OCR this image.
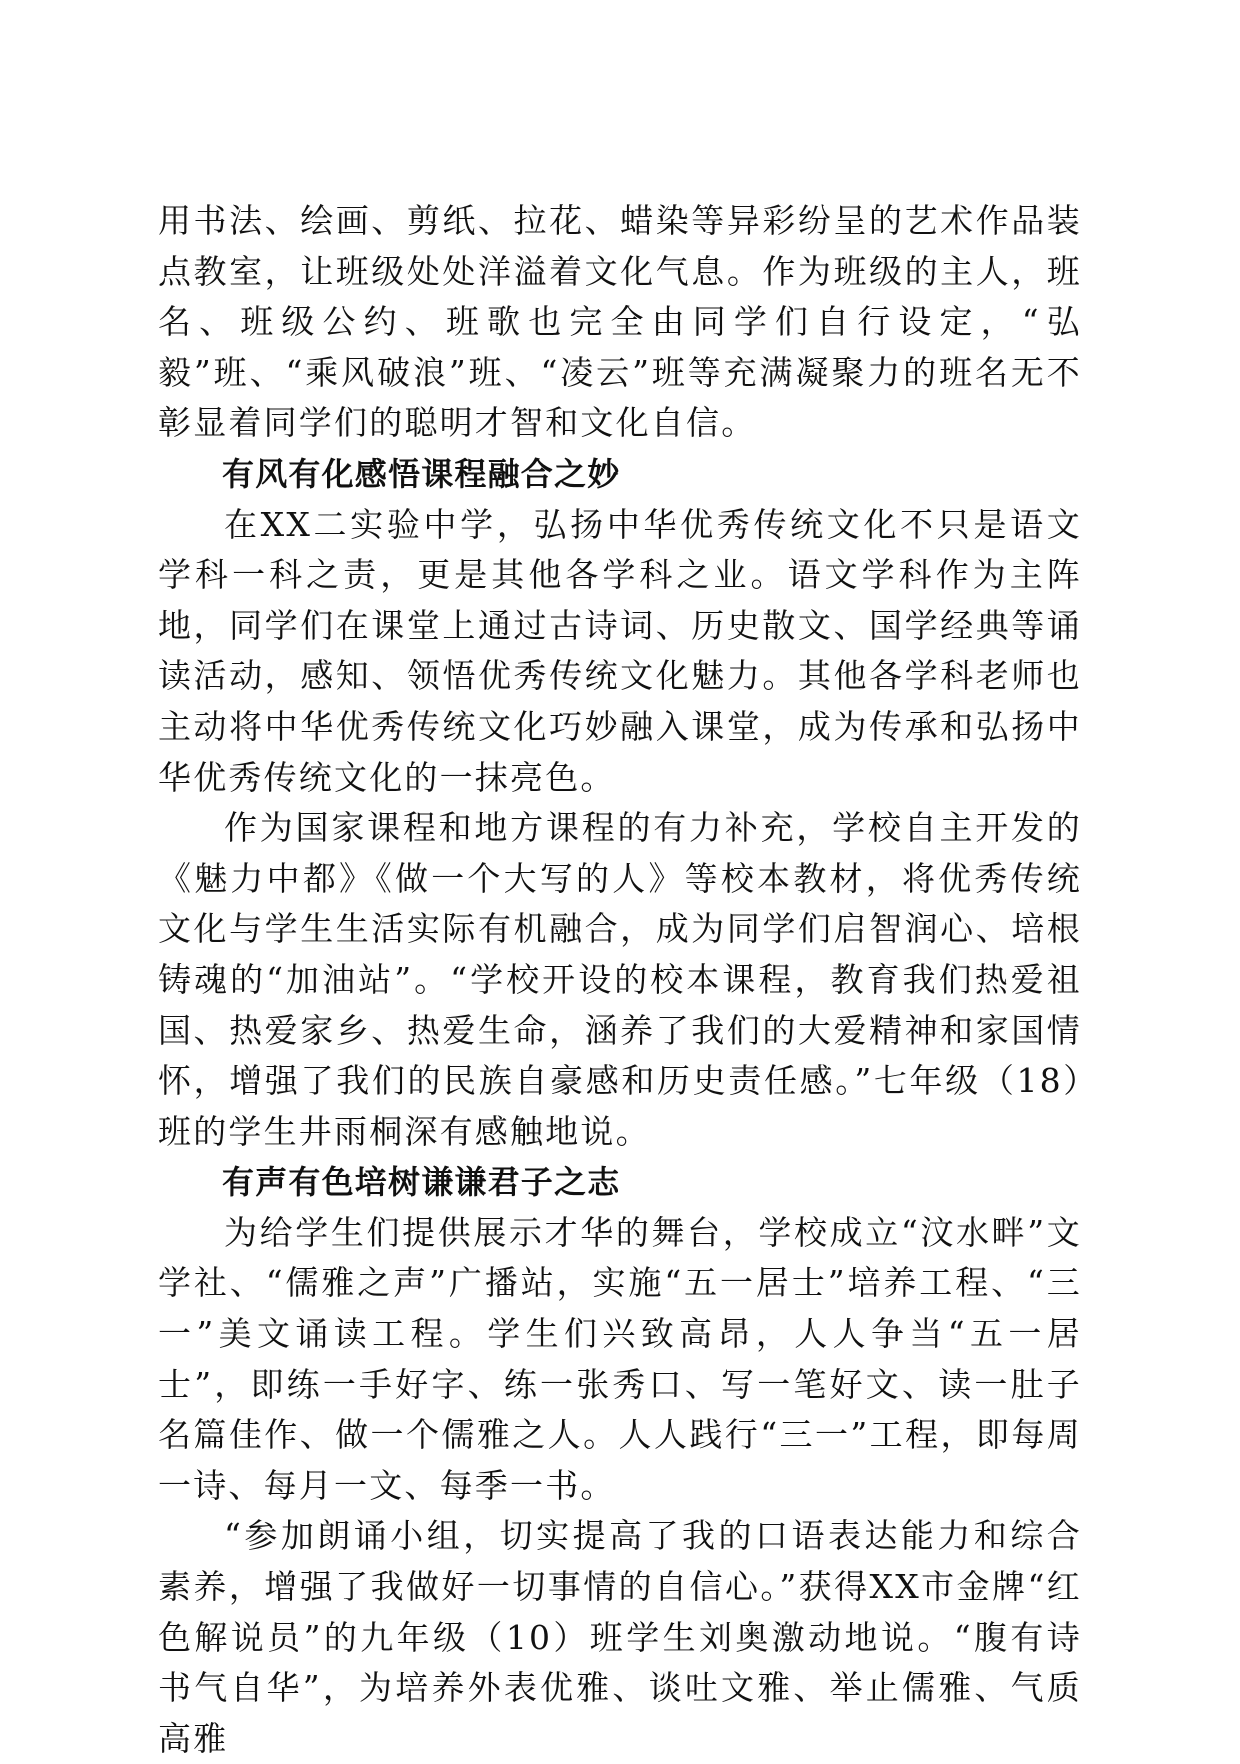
用书法、绘画、剪纸、拉花、蜡染等异彩纷呈的艺术作品装点教室，让班级处处洋溢着文化气息。作为班级的主人，班名、班级公约、班歌也完全由同学们自行设定，“弘毅”班、“乘风破浪”班、“凌云”班等充满凝聚力的班名无不彰显着同学们的聪明才智和文化自信。

有风有化感悟课程融合之妙

在XX二实验中学，弘扬中华优秀传统文化不只是语文学科一科之责，更是其他各学科之业。语文学科作为主阵地，同学们在课堂上通过古诗词、历史散文、国学经典等诵读活动，感知、领悟优秀传统文化魅力。其他各学科老师也主动将中华优秀传统文化巧妙融入课堂，成为传承和弘扬中华优秀传统文化的一抹亮色。

作为国家课程和地方课程的有力补充，学校自主开发的《魅力中都》《做一个大写的人》等校本教材，将优秀传统文化与学生生活实际有机融合，成为同学们启智润心、培根铸魂的“加油站”。“学校开设的校本课程，教育我们热爱祖国、热爱家乡、热爱生命，涵养了我们的大爱精神和家国情怀，增强了我们的民族自豪感和历史责任感。”七年级（18）班的学生井雨桐深有感触地说。

有声有色培树谦谦君子之志

为给学生们提供展示才华的舞台，学校成立“汶水畔”文学社、“儒雅之声”广播站，实施“五一居士”培养工程、“三一”美文诵读工程。学生们兴致高昂，人人争当“五一居士”，即练一手好字、练一张秀口、写一笔好文、读一肚子名篇佳作、做一个儒雅之人。人人践行“三一”工程，即每周一诗、每月一文、每季一书。

“参加朗诵小组，切实提高了我的口语表达能力和综合素养，增强了我做好一切事情的自信心。”获得XX市金牌“红色解说员”的九年级（10）班学生刘奥激动地说。“腹有诗书气自华”，为培养外表优雅、谈吐文雅、举止儒雅、气质高雅
